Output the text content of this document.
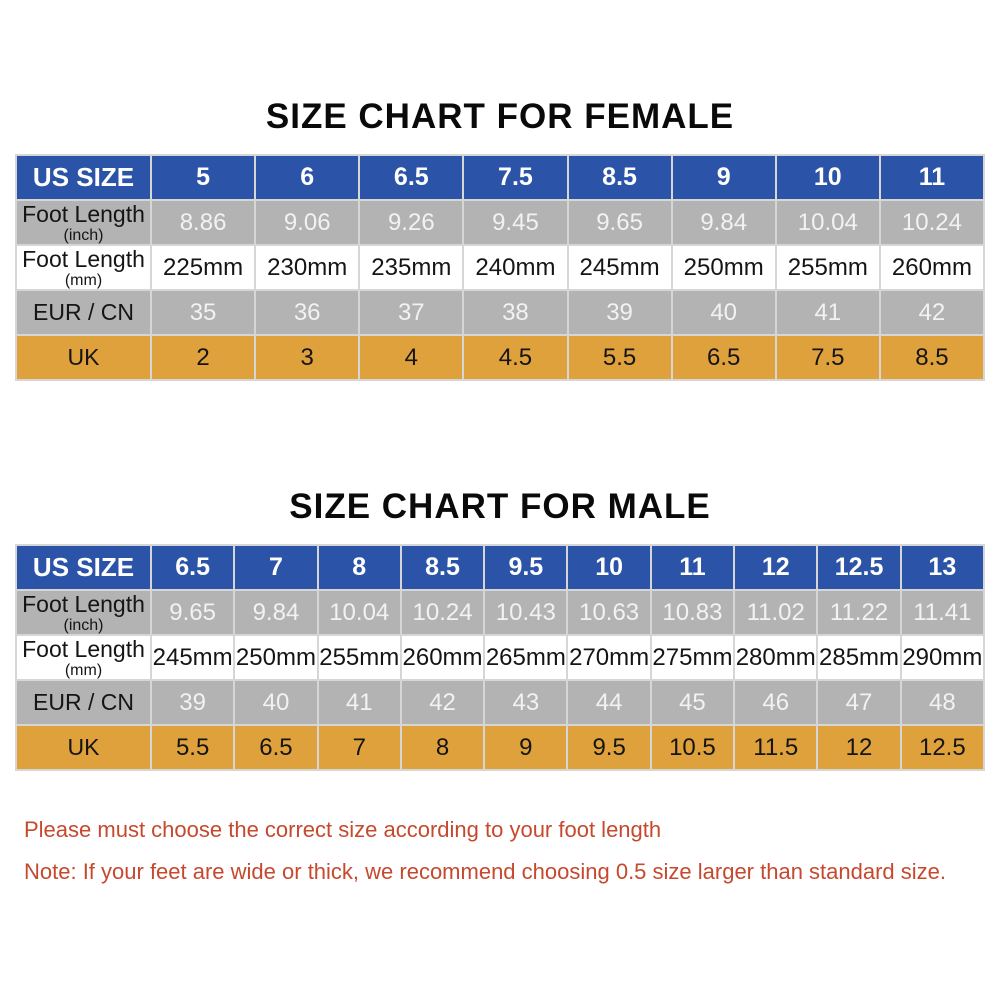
SIZE CHART FOR FEMALE
US SIZE	5	6	6.5	7.5	8.5	9	10	11

Foot Length
(inch)	8.86	9.06	9.26	9.45	9.65	9.84	10.04	10.24

Foot Length
(mm)	225mm	230mm	235mm	240mm	245mm	250mm	255mm	260mm

EUR / CN	35	36	37	38	39	40	41	42

UK	2	3	4	4.5	5.5	6.5	7.5	8.5
SIZE CHART FOR MALE
US SIZE	6.5	7	8	8.5	9.5	10	11	12	12.5	13

Foot Length
(inch)	9.65	9.84	10.04	10.24	10.43	10.63	10.83	11.02	11.22	11.41

Foot Length
(mm)	245mm	250mm	255mm	260mm	265mm	270mm	275mm	280mm	285mm	290mm

EUR / CN	39	40	41	42	43	44	45	46	47	48

UK	5.5	6.5	7	8	9	9.5	10.5	11.5	12	12.5

Please must choose the correct size according to your foot length

Note: If your feet are wide or thick, we recommend choosing 0.5 size larger than standard size.
